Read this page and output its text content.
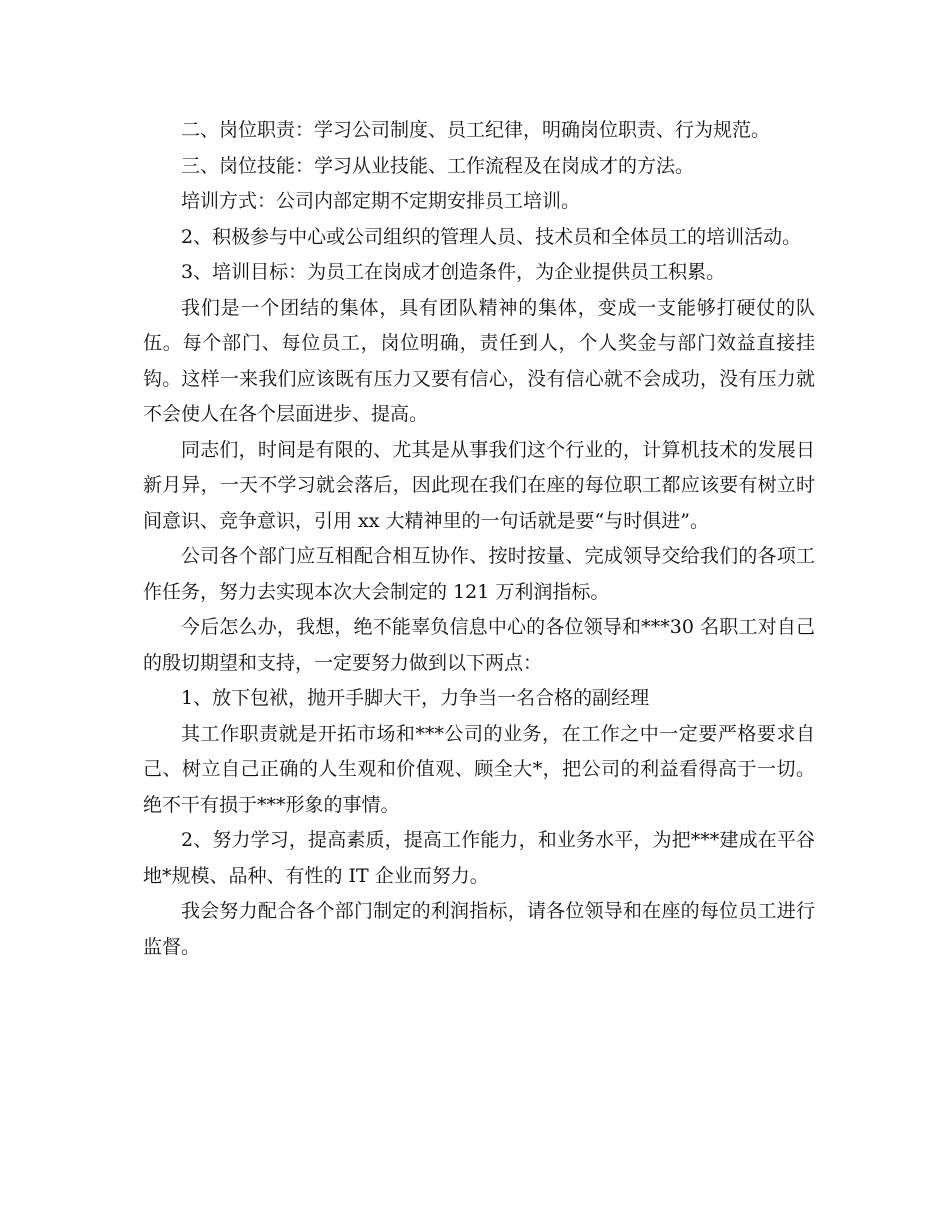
二、岗位职责：学习公司制度、员工纪律，明确岗位职责、行为规范。

三、岗位技能：学习从业技能、工作流程及在岗成才的方法。

培训方式：公司内部定期不定期安排员工培训。

2、积极参与中心或公司组织的管理人员、技术员和全体员工的培训活动。

3、培训目标：为员工在岗成才创造条件，为企业提供员工积累。

我们是一个团结的集体，具有团队精神的集体，变成一支能够打硬仗的队伍。每个部门、每位员工，岗位明确，责任到人，个人奖金与部门效益直接挂钩。这样一来我们应该既有压力又要有信心，没有信心就不会成功，没有压力就不会使人在各个层面进步、提高。

同志们，时间是有限的、尤其是从事我们这个行业的，计算机技术的发展日新月异，一天不学习就会落后，因此现在我们在座的每位职工都应该要有树立时间意识、竞争意识，引用 xx 大精神里的一句话就是要“与时俱进”。

公司各个部门应互相配合相互协作、按时按量、完成领导交给我们的各项工作任务，努力去实现本次大会制定的 121 万利润指标。

今后怎么办，我想，绝不能辜负信息中心的各位领导和***30 名职工对自己的殷切期望和支持，一定要努力做到以下两点：

1、放下包袱，抛开手脚大干，力争当一名合格的副经理

其工作职责就是开拓市场和***公司的业务，在工作之中一定要严格要求自己、树立自己正确的人生观和价值观、顾全大*，把公司的利益看得高于一切。绝不干有损于***形象的事情。

2、努力学习，提高素质，提高工作能力，和业务水平，为把***建成在平谷地*规模、品种、有性的 IT 企业而努力。

我会努力配合各个部门制定的利润指标，请各位领导和在座的每位员工进行监督。
